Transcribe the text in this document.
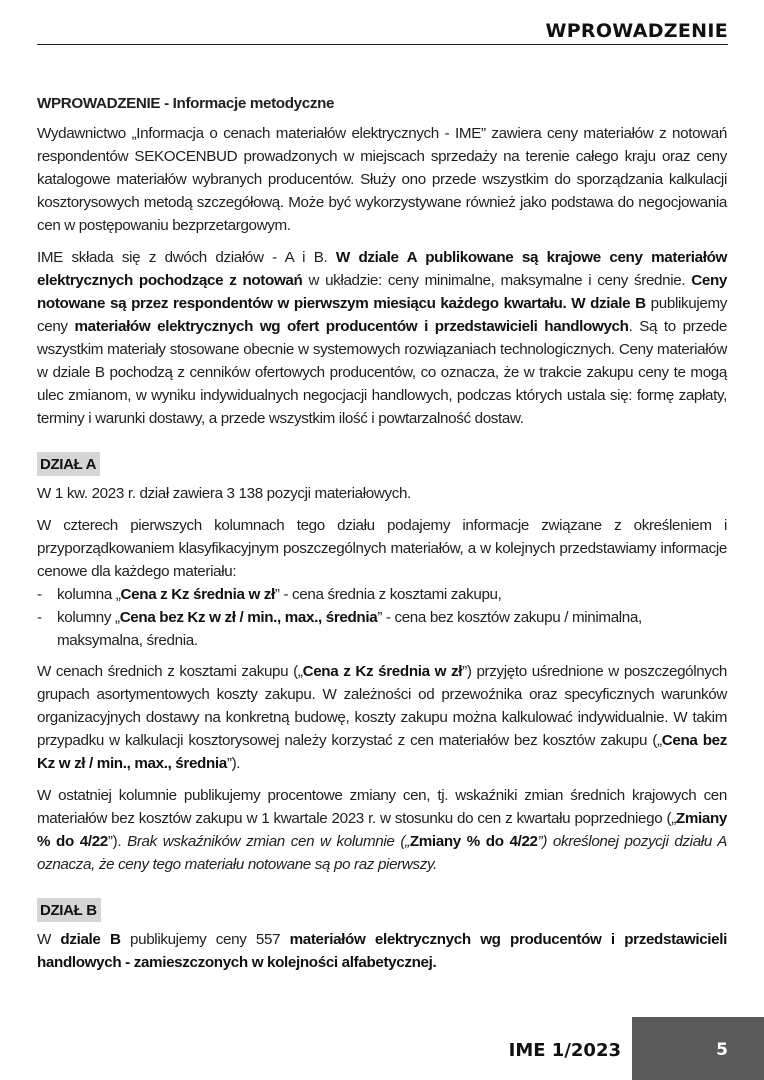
WPROWADZENIE
WPROWADZENIE - Informacje metodyczne

Wydawnictwo „Informacja o cenach materiałów elektrycznych - IME” zawiera ceny materiałów z notowań respondentów SEKOCENBUD prowadzonych w miejscach sprzedaży na terenie całego kraju oraz ceny katalogowe materiałów wybranych producentów. Służy ono przede wszystkim do sporządzania kalkulacji kosztorysowych metodą szczegółową. Może być wykorzystywane również jako podstawa do negocjowania cen w postępowaniu bezprzetargowym.

IME składa się z dwóch działów - A i B. W dziale A publikowane są krajowe ceny materiałów elektrycznych pochodzące z notowań w układzie: ceny minimalne, maksymalne i ceny średnie. Ceny notowane są przez respondentów w pierwszym miesiącu każdego kwartału. W dziale B publikujemy ceny materiałów elektrycznych wg ofert producentów i przedstawicieli handlowych. Są to przede wszystkim materiały stosowane obecnie w systemowych rozwiązaniach technologicznych. Ceny materiałów w dziale B pochodzą z cenników ofertowych producentów, co oznacza, że w trakcie zakupu ceny te mogą ulec zmianom, w wyniku indywidualnych negocjacji handlowych, podczas których ustala się: formę zapłaty, terminy i warunki dostawy, a przede wszystkim ilość i powtarzalność dostaw.

DZIAŁ A

W 1 kw. 2023 r. dział zawiera 3 138 pozycji materiałowych.

W czterech pierwszych kolumnach tego działu podajemy informacje związane z określeniem i przyporządkowaniem klasyfikacyjnym poszczególnych materiałów, a w kolejnych przedstawiamy informacje cenowe dla każdego materiału:

- kolumna „Cena z Kz średnia w zł” - cena średnia z kosztami zakupu,
- kolumny „Cena bez Kz w zł / min., max., średnia” - cena bez kosztów zakupu / minimalna, maksymalna, średnia.

W cenach średnich z kosztami zakupu („Cena z Kz średnia w zł”) przyjęto uśrednione w poszczególnych grupach asortymentowych koszty zakupu. W zależności od przewoźnika oraz specyficznych warunków organizacyjnych dostawy na konkretną budowę, koszty zakupu można kalkulować indywidualnie. W takim przypadku w kalkulacji kosztorysowej należy korzystać z cen materiałów bez kosztów zakupu („Cena bez Kz w zł / min., max., średnia”).

W ostatniej kolumnie publikujemy procentowe zmiany cen, tj. wskaźniki zmian średnich krajowych cen materiałów bez kosztów zakupu w 1 kwartale 2023 r. w stosunku do cen z kwartału poprzedniego („Zmiany % do 4/22”). Brak wskaźników zmian cen w kolumnie („Zmiany % do 4/22”) określonej pozycji działu A oznacza, że ceny tego materiału notowane są po raz pierwszy.

DZIAŁ B

W dziale B publikujemy ceny 557 materiałów elektrycznych wg producentów i przedstawicieli handlowych - zamieszczonych w kolejności alfabetycznej.

IME 1/2023	5
